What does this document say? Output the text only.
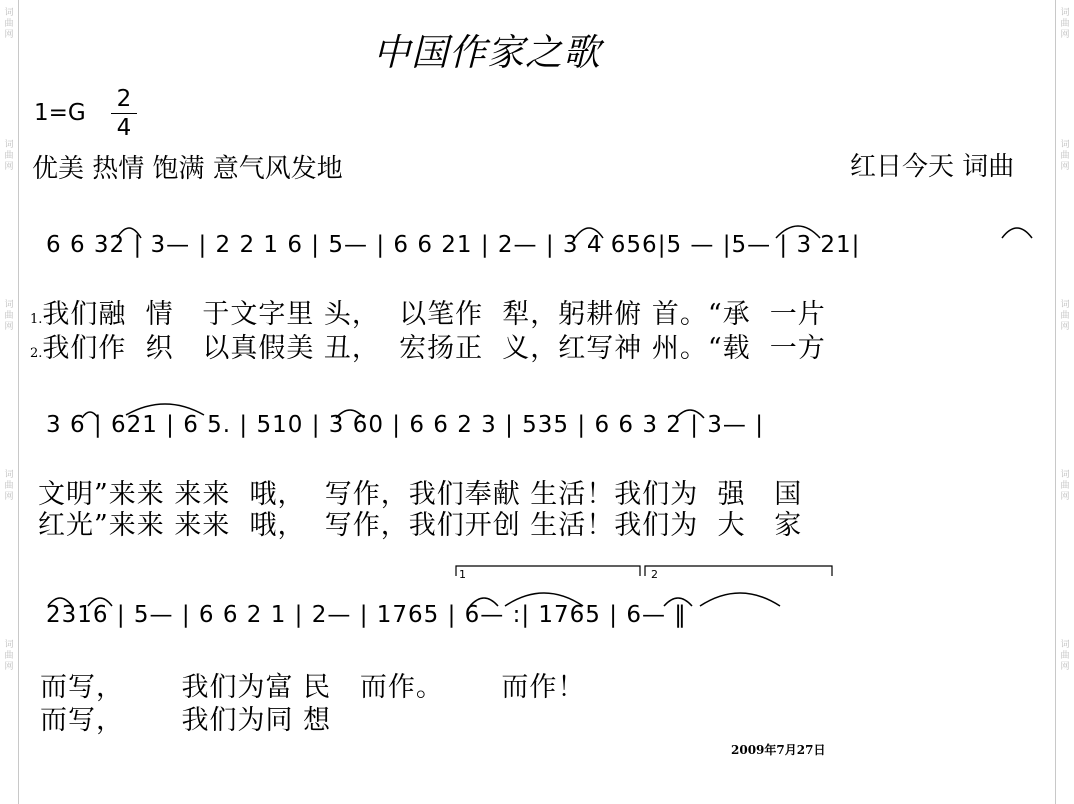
词
曲
网
词
曲
网
词
曲
网
词
曲
网
词
曲
网
词
曲
网
词
曲
网
词
曲
网
词
曲
网
词
曲
网
中国作家之歌
1=G
2
4
优美 热情 饱满 意气风发地	红日今天 词曲
6 6 32 | 3— | 2 2 1 6 | 5— | 6 6 21 | 2— | 3 4 656|5 — |5— | 3 21|
1.我们融  情   于文字里 头，  以笔作  犁，躬耕俯 首。“承  一片
2.我们作  织   以真假美 丑，  宏扬正  义，红写神 州。“载  一方
3 6 | 621 | 6 5. | 510 | 3 60 | 6 6 2 3 | 535 | 6 6 3 2 | 3— |
文明”来来 来来  哦，  写作，我们奉献 生活！我们为  强   国
红光”来来 来来  哦，  写作，我们开创 生活！我们为  大   家
1	2
2316 | 5— | 6 6 2 1 | 2— | 1765 | 6— :| 1765 | 6— ‖
而写，      我们为富 民   而作。      而作！
而写，      我们为同 想
2009年7月27日
